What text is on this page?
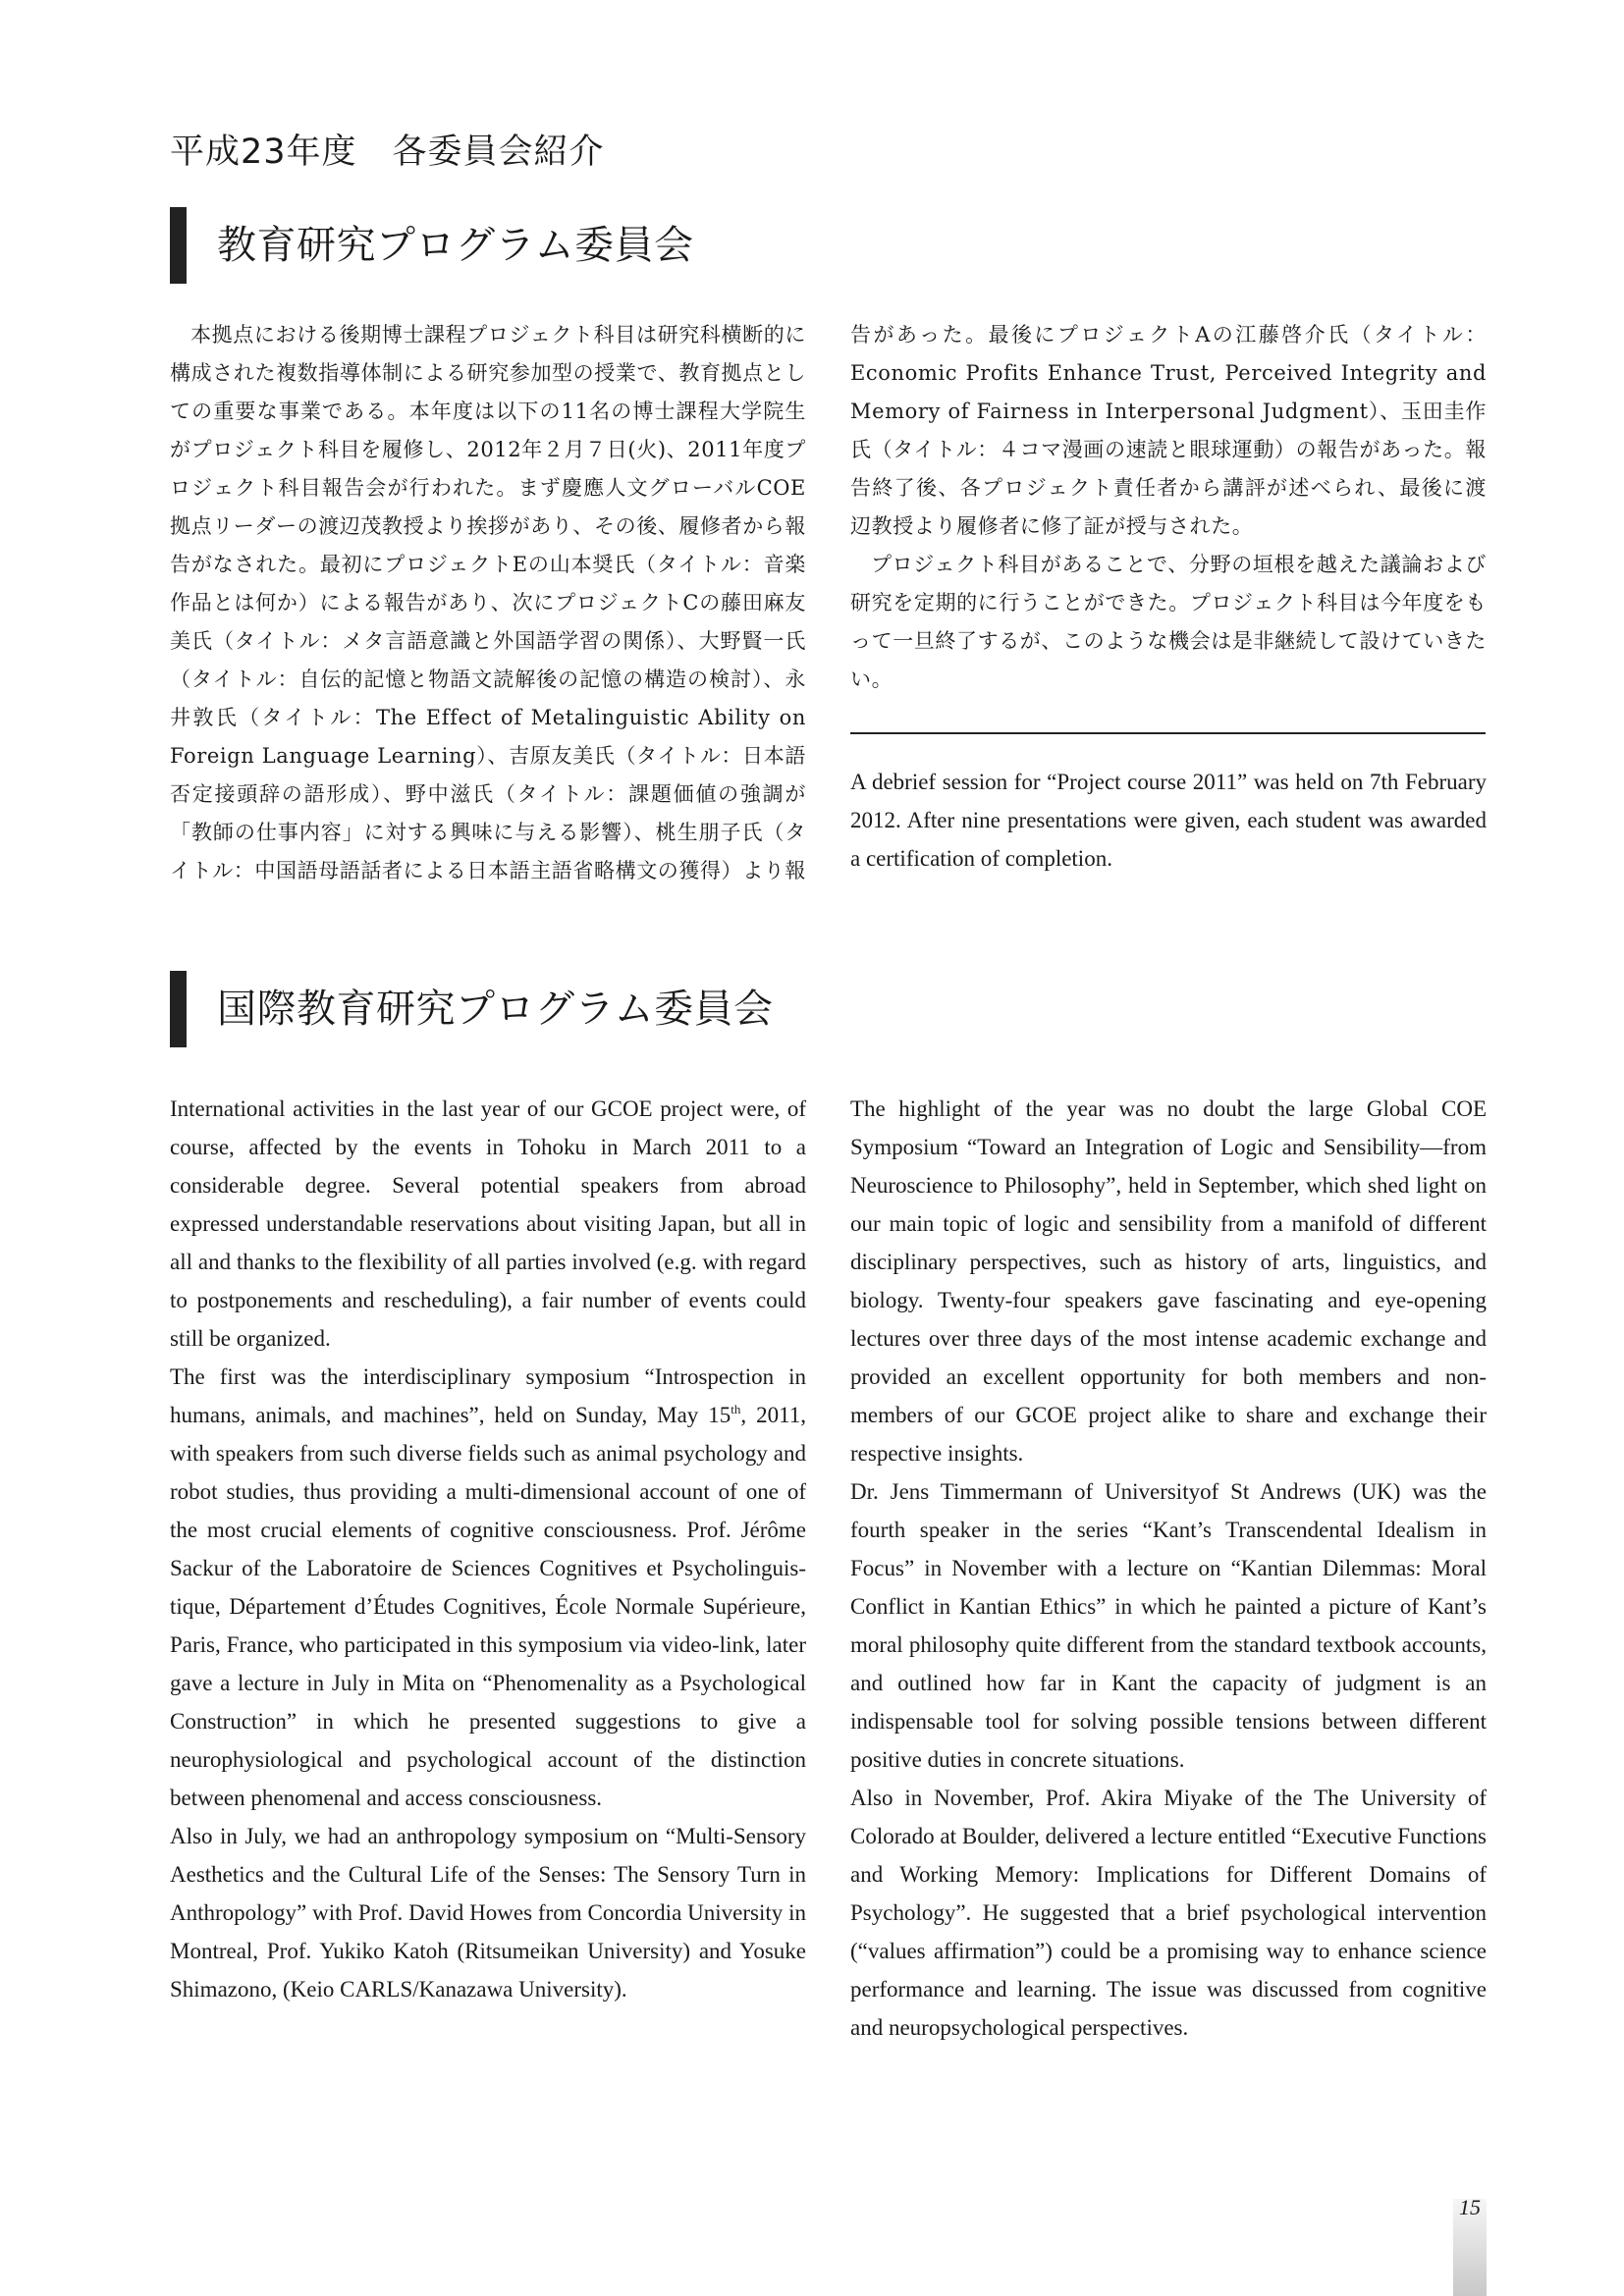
平成23年度　各委員会紹介
教育研究プログラム委員会

本拠点における後期博士課程プロジェクト科目は研究科横断的に構成された複数指導体制による研究参加型の授業で、教育拠点としての重要な事業である。本年度は以下の11名の博士課程大学院生がプロジェクト科目を履修し、2012年２月７日(火)、2011年度プロジェクト科目報告会が行われた。まず慶應人文グローバルCOE拠点リーダーの渡辺茂教授より挨拶があり、その後、履修者から報告がなされた。最初にプロジェクトEの山本奨氏（タイトル：音楽作品とは何か）による報告があり、次にプロジェクトCの藤田麻友美氏（タイトル：メタ言語意識と外国語学習の関係）、大野賢一氏（タイトル：自伝的記憶と物語文読解後の記憶の構造の検討）、永井敦氏（タイトル：The Effect of Metalinguistic Ability on Foreign Language Learning）、吉原友美氏（タイトル：日本語否定接頭辞の語形成）、野中滋氏（タイトル：課題価値の強調が「教師の仕事内容」に対する興味に与える影響）、桃生朋子氏（タイトル：中国語母語話者による日本語主語省略構文の獲得）より報

告があった。最後にプロジェクトAの江藤啓介氏（タイトル：Economic Profits Enhance Trust, Perceived Integrity and Memory of Fairness in Interpersonal Judgment）、玉田圭作氏（タイトル：４コマ漫画の速読と眼球運動）の報告があった。報告終了後、各プロジェクト責任者から講評が述べられ、最後に渡辺教授より履修者に修了証が授与された。

プロジェクト科目があることで、分野の垣根を越えた議論および研究を定期的に行うことができた。プロジェクト科目は今年度をもって一旦終了するが、このような機会は是非継続して設けていきたい。

A debrief session for “Project course 2011” was held on 7th February 2012. After nine presentations were given, each student was awarded a certification of completion.

国際教育研究プログラム委員会

International activities in the last year of our GCOE project were, of course, affected by the events in Tohoku in March 2011 to a considerable degree. Several potential speakers from abroad expressed understandable reservations about visiting Japan, but all in all and thanks to the flexibility of all parties involved (e.g. with regard to postponements and rescheduling), a fair number of events could still be organized.

The first was the interdisciplinary symposium “Introspection in humans, animals, and machines”, held on Sunday, May 15th, 2011, with speakers from such diverse fields such as animal psychology and robot studies, thus providing a multi-dimensional account of one of the most crucial elements of cognitive consciousness. Prof. Jérôme Sackur of the Laboratoire de Sciences Cognitives et Psycholinguistique, Département d’Études Cognitives, École Normale Supérieure, Paris, France, who participated in this symposium via video-link, later gave a lecture in July in Mita on “Phenomenality as a Psychological Construction” in which he presented suggestions to give a neurophysiological and psychological account of the distinction between phenomenal and access consciousness.

Also in July, we had an anthropology symposium on “Multi-Sensory Aesthetics and the Cultural Life of the Senses: The Sensory Turn in Anthropology” with Prof. David Howes from Concordia University in Montreal, Prof. Yukiko Katoh (Ritsumeikan University) and Yosuke Shimazono, (Keio CARLS/Kanazawa University).

The highlight of the year was no doubt the large Global COE Symposium “Toward an Integration of Logic and Sensibility—from Neuroscience to Philosophy”, held in September, which shed light on our main topic of logic and sensibility from a manifold of different disciplinary perspectives, such as history of arts, linguistics, and biology. Twenty-four speakers gave fascinating and eye-opening lectures over three days of the most intense academic exchange and provided an excellent opportunity for both members and non-members of our GCOE project alike to share and exchange their respective insights.

Dr. Jens Timmermann of Universityof St Andrews (UK) was the fourth speaker in the series “Kant’s Transcendental Idealism in Focus” in November with a lecture on “Kantian Dilemmas: Moral Conflict in Kantian Ethics” in which he painted a picture of Kant’s moral philosophy quite different from the standard textbook accounts, and outlined how far in Kant the capacity of judgment is an indispensable tool for solving possible tensions between different positive duties in concrete situations.

Also in November, Prof. Akira Miyake of the The University of Colorado at Boulder, delivered a lecture entitled “Executive Functions and Working Memory: Implications for Different Domains of Psychology”. He suggested that a brief psychological intervention (“values affirmation”) could be a promising way to enhance science performance and learning. The issue was discussed from cognitive and neuropsychological perspectives.

15
